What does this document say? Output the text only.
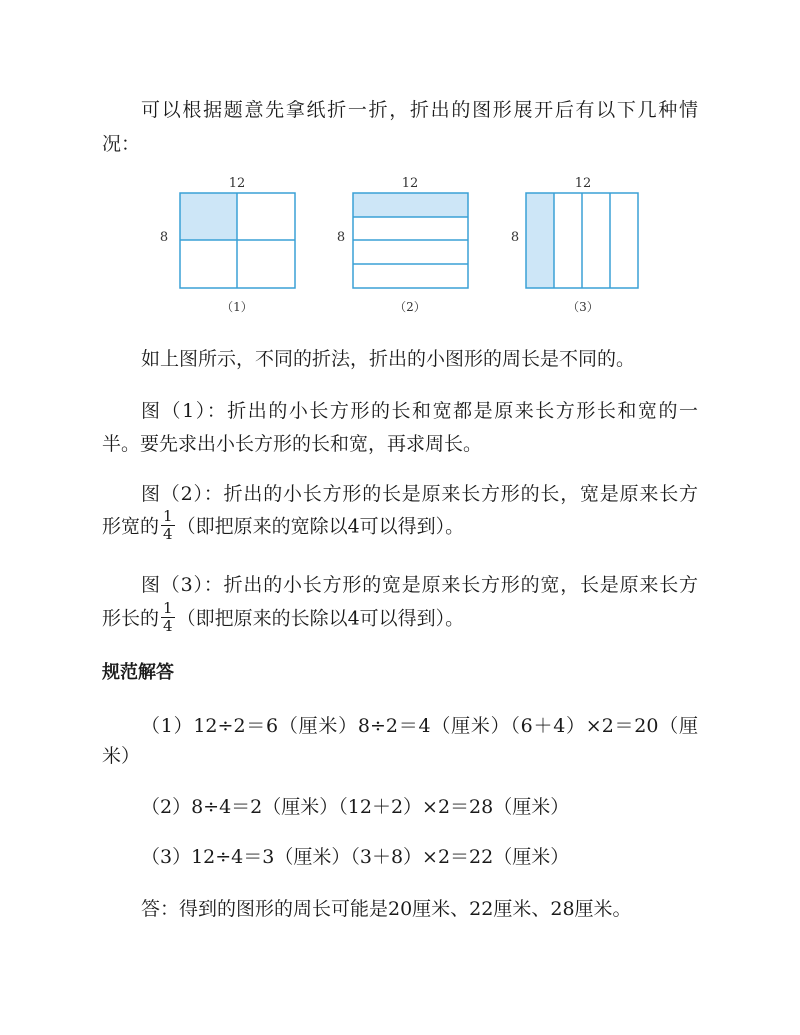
可以根据题意先拿纸折一折，折出的图形展开后有以下几种情
况：
12
8
（1）
12
8
（2）
12
8
（3）
如上图所示，不同的折法，折出的小图形的周长是不同的。
图（1）：折出的小长方形的长和宽都是原来长方形长和宽的一
半。要先求出小长方形的长和宽，再求周长。
图（2）：折出的小长方形的长是原来长方形的长，宽是原来长方
形宽的 $\frac{1}{4}$ （即把原来的宽除以4可以得到）。
图（3）：折出的小长方形的宽是原来长方形的宽，长是原来长方
形长的 $\frac{1}{4}$ （即把原来的长除以4可以得到）。
规范解答
（1）12÷2＝6（厘米）8÷2＝4（厘米）（6＋4）×2＝20（厘
米）
（2）8÷4＝2（厘米）（12＋2）×2＝28（厘米）
（3）12÷4＝3（厘米）（3＋8）×2＝22（厘米）
答：得到的图形的周长可能是20厘米、22厘米、28厘米。
